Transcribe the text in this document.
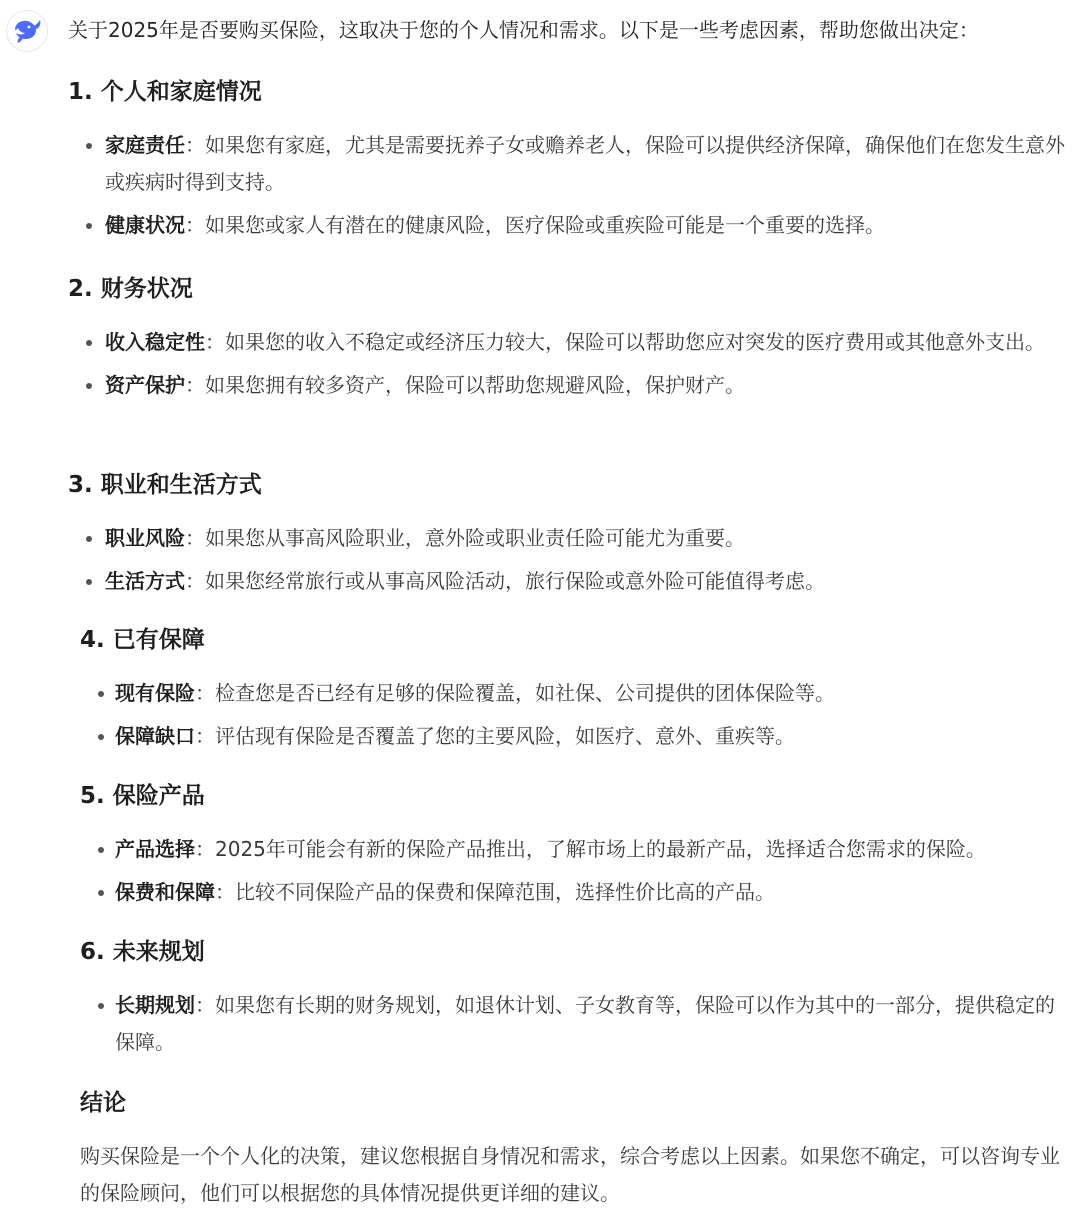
关于2025年是否要购买保险，这取决于您的个人情况和需求。以下是一些考虑因素，帮助您做出决定：
1. 个人和家庭情况
家庭责任：如果您有家庭，尤其是需要抚养子女或赡养老人，保险可以提供经济保障，确保他们在您发生意外或疾病时得到支持。
健康状况：如果您或家人有潜在的健康风险，医疗保险或重疾险可能是一个重要的选择。
2. 财务状况
收入稳定性：如果您的收入不稳定或经济压力较大，保险可以帮助您应对突发的医疗费用或其他意外支出。
资产保护：如果您拥有较多资产，保险可以帮助您规避风险，保护财产。
3. 职业和生活方式
职业风险：如果您从事高风险职业，意外险或职业责任险可能尤为重要。
生活方式：如果您经常旅行或从事高风险活动，旅行保险或意外险可能值得考虑。
4. 已有保障
现有保险：检查您是否已经有足够的保险覆盖，如社保、公司提供的团体保险等。
保障缺口：评估现有保险是否覆盖了您的主要风险，如医疗、意外、重疾等。
5. 保险产品
产品选择：2025年可能会有新的保险产品推出，了解市场上的最新产品，选择适合您需求的保险。
保费和保障：比较不同保险产品的保费和保障范围，选择性价比高的产品。
6. 未来规划
长期规划：如果您有长期的财务规划，如退休计划、子女教育等，保险可以作为其中的一部分，提供稳定的保障。
结论
购买保险是一个个人化的决策，建议您根据自身情况和需求，综合考虑以上因素。如果您不确定，可以咨询专业的保险顾问，他们可以根据您的具体情况提供更详细的建议。
